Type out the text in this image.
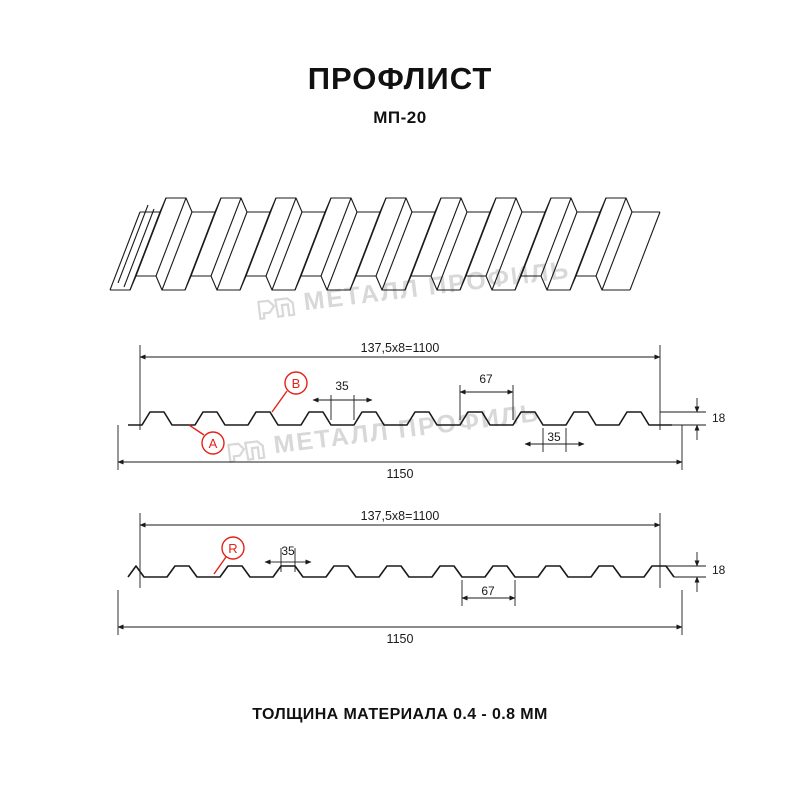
ПРОФЛИСТ
МП-20
МЕТАЛЛ ПРОФИЛЬ
МЕТАЛЛ ПРОФИЛЬ
137,5x8=1100
35	67
35
18
1150
A
B
137,5x8=1100
35
67
18
1150
R
ТОЛЩИНА МАТЕРИАЛА 0.4 - 0.8 ММ
